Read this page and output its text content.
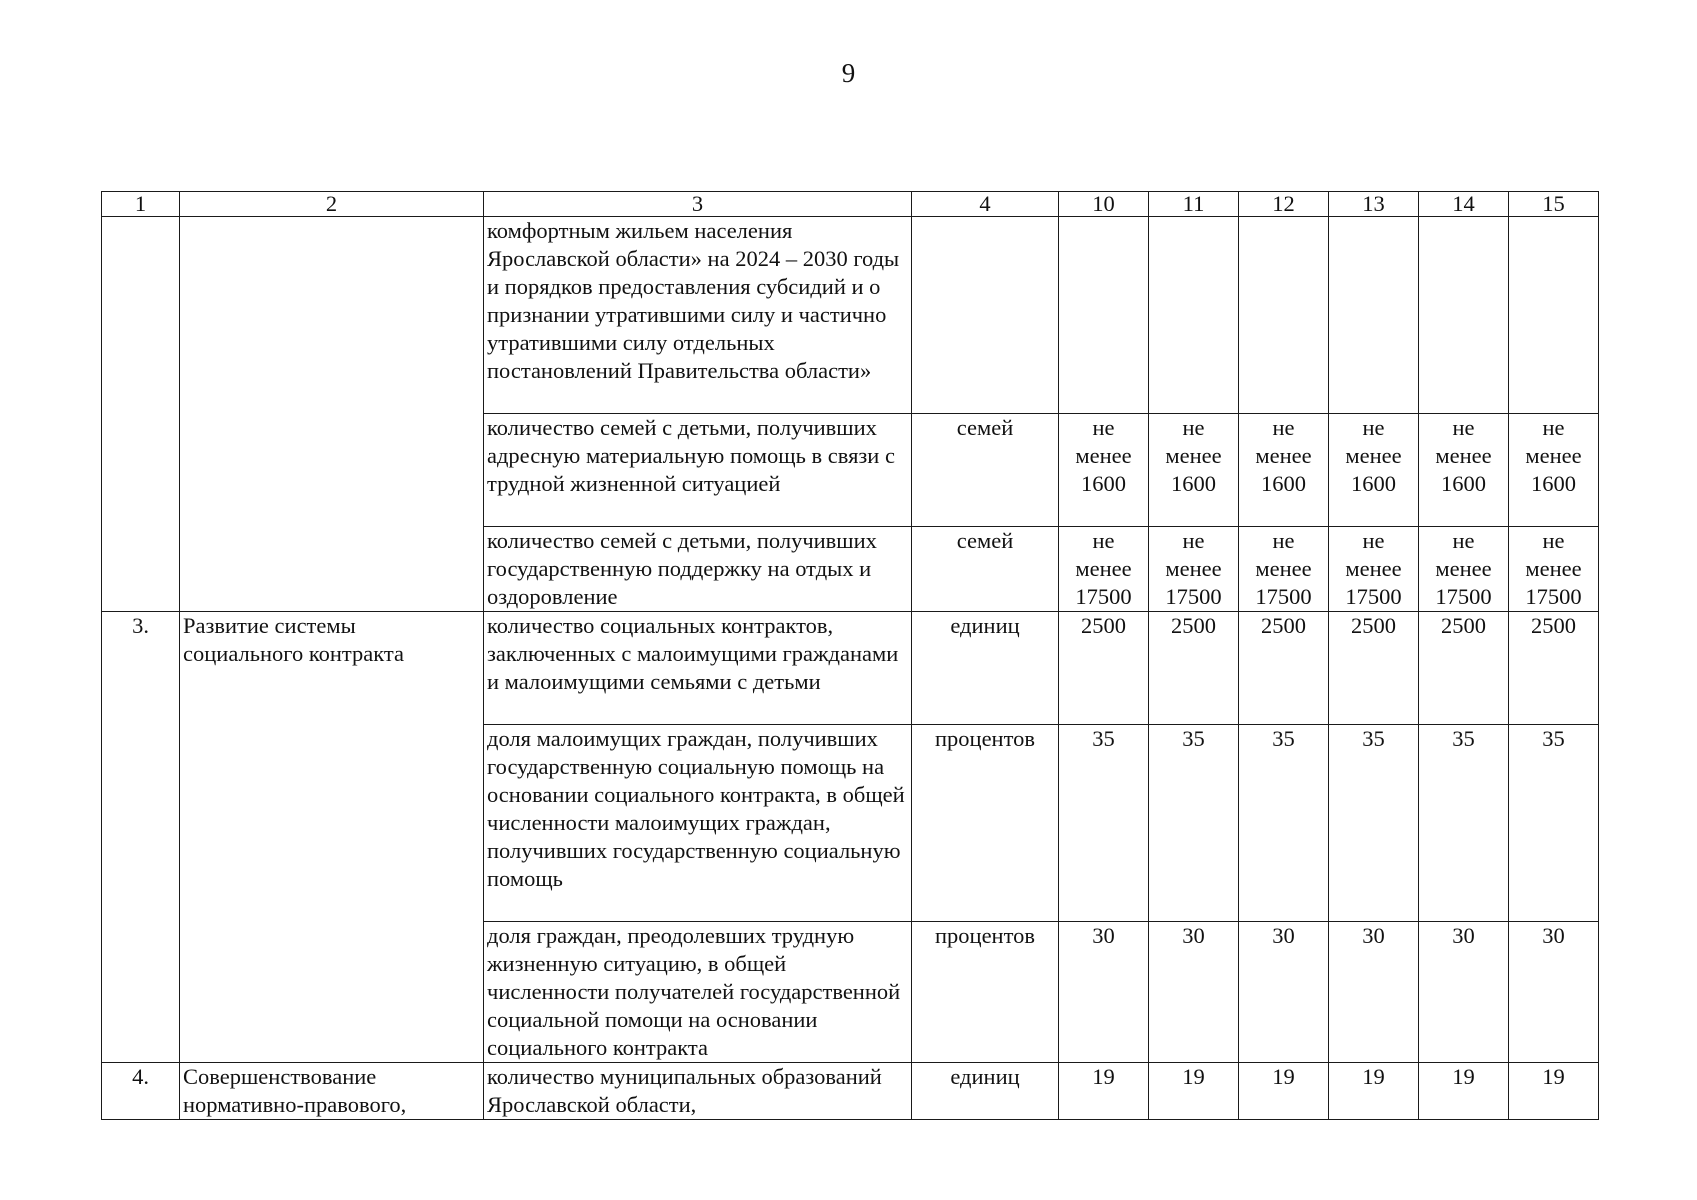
9
1	2	3	4	10	11	12	13	14	15
		комфортным жильем населения Ярославской области» на 2024 – 2030 годы и порядков предоставления субсидий и о признании утратившими силу и частично утратившими силу отдельных постановлений Правительства области»							
		количество семей с детьми, получивших адресную материальную помощь в связи с трудной жизненной ситуацией	семей	не менее 1600	не менее 1600	не менее 1600	не менее 1600	не менее 1600	не менее 1600
		количество семей с детьми, получивших государственную поддержку на отдых и оздоровление	семей	не менее 17500	не менее 17500	не менее 17500	не менее 17500	не менее 17500	не менее 17500
3.	Развитие системы социального контракта	количество социальных контрактов, заключенных с малоимущими гражданами и малоимущими семьями с детьми	единиц	2500	2500	2500	2500	2500	2500
		доля малоимущих граждан, получивших государственную социальную помощь на основании социального контракта, в общей численности малоимущих граждан, получивших государственную социальную помощь	процентов	35	35	35	35	35	35
		доля граждан, преодолевших трудную жизненную ситуацию, в общей численности получателей государственной социальной помощи на основании социального контракта	процентов	30	30	30	30	30	30
4.	Совершенствование нормативно-правового,	количество муниципальных образований Ярославской области,	единиц	19	19	19	19	19	19
